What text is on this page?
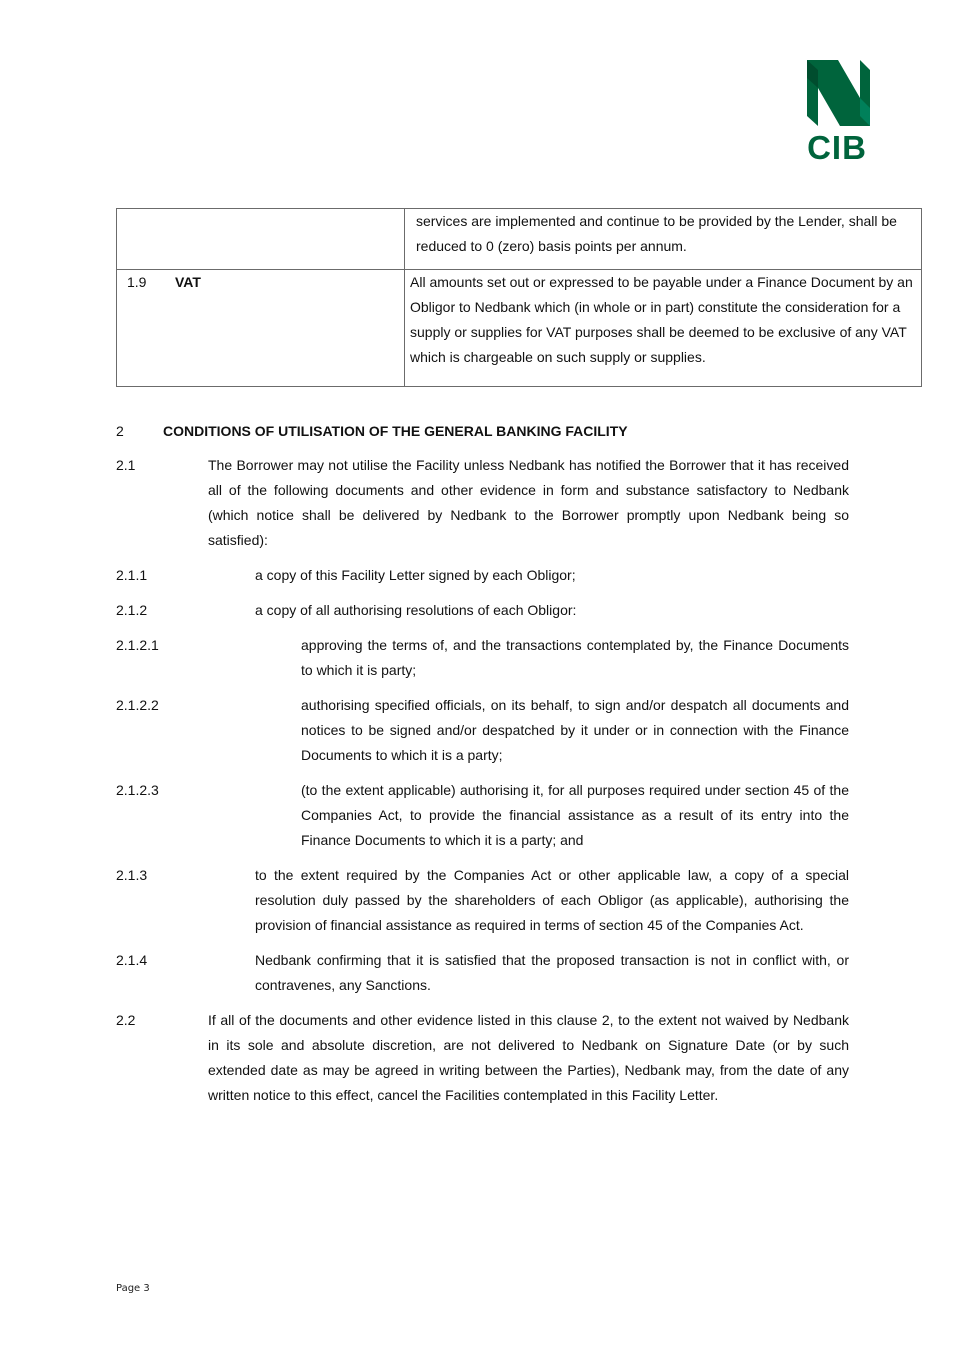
CIB

	services are implemented and continue to be provided by the Lender, shall be reduced to 0 (zero) basis points per annum.

1.9 VAT	All amounts set out or expressed to be payable under a Finance Document by an Obligor to Nedbank which (in whole or in part) constitute the consideration for a supply or supplies for VAT purposes shall be deemed to be exclusive of any VAT which is chargeable on such supply or supplies.
2	CONDITIONS OF UTILISATION OF THE GENERAL BANKING FACILITY
2.1	The Borrower may not utilise the Facility unless Nedbank has notified the Borrower that it has received all of the following documents and other evidence in form and substance satisfactory to Nedbank (which notice shall be delivered by Nedbank to the Borrower promptly upon Nedbank being so satisfied):
2.1.1	a copy of this Facility Letter signed by each Obligor;
2.1.2	a copy of all authorising resolutions of each Obligor:
2.1.2.1	approving the terms of, and the transactions contemplated by, the Finance Documents to which it is party;
2.1.2.2	authorising specified officials, on its behalf, to sign and/or despatch all documents and notices to be signed and/or despatched by it under or in connection with the Finance Documents to which it is a party;
2.1.2.3	(to the extent applicable) authorising it, for all purposes required under section 45 of the Companies Act, to provide the financial assistance as a result of its entry into the Finance Documents to which it is a party; and
2.1.3	to the extent required by the Companies Act or other applicable law, a copy of a special resolution duly passed by the shareholders of each Obligor (as applicable), authorising the provision of financial assistance as required in terms of section 45 of the Companies Act.
2.1.4	Nedbank confirming that it is satisfied that the proposed transaction is not in conflict with, or contravenes, any Sanctions.
2.2	If all of the documents and other evidence listed in this clause 2, to the extent not waived by Nedbank in its sole and absolute discretion, are not delivered to Nedbank on Signature Date (or by such extended date as may be agreed in writing between the Parties), Nedbank may, from the date of any written notice to this effect, cancel the Facilities contemplated in this Facility Letter.
Page 3
